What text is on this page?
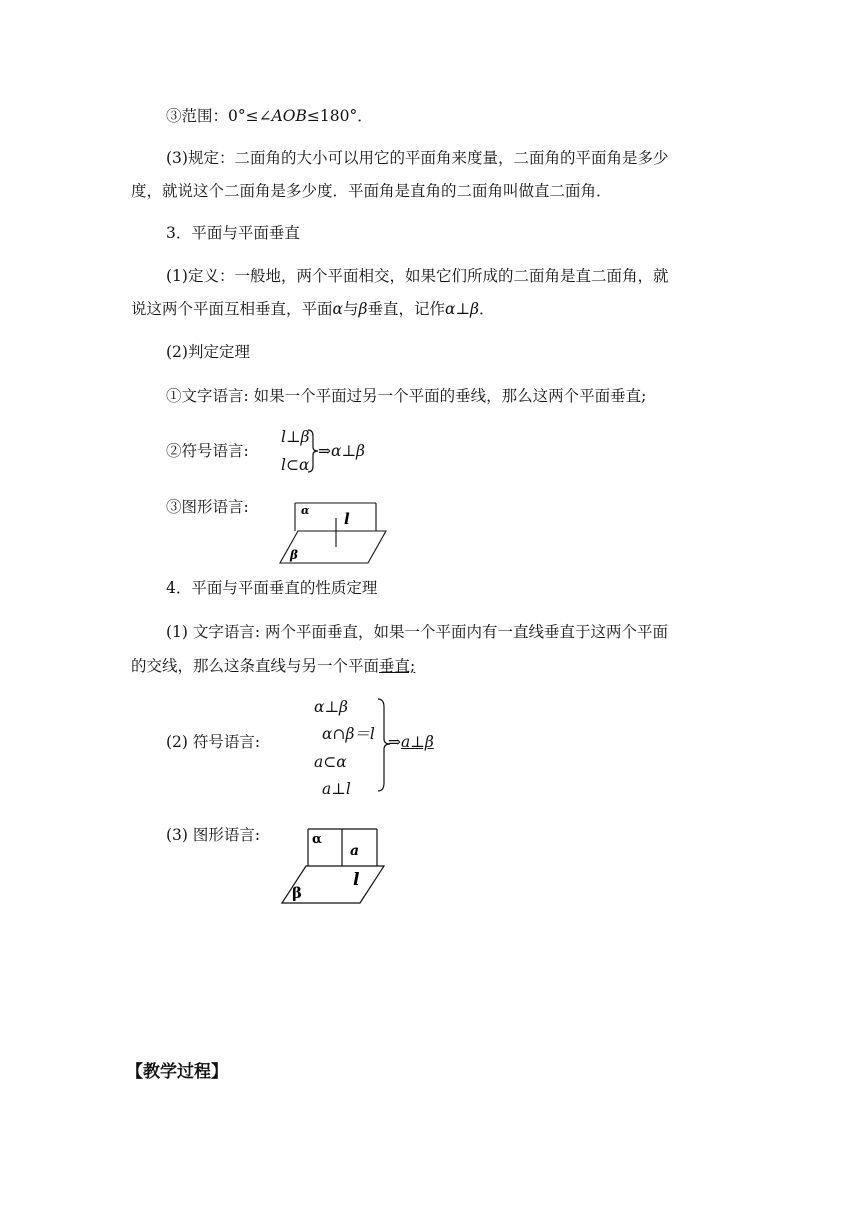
③范围：0°≤∠AOB≤180°．
(3)规定：二面角的大小可以用它的平面角来度量，二面角的平面角是多少
度，就说这个二面角是多少度．平面角是直角的二面角叫做直二面角．
3．平面与平面垂直
(1)定义：一般地，两个平面相交，如果它们所成的二面角是直二面角，就
说这两个平面互相垂直，平面α与β垂直，记作α⊥β．
(2)判定定理
①文字语言: 如果一个平面过另一个平面的垂线，那么这两个平面垂直;
②符号语言:
l⊥β
l⊂α
⇒α⊥β
③图形语言:	α l
β
4．平面与平面垂直的性质定理
(1) 文字语言: 两个平面垂直，如果一个平面内有一直线垂直于这两个平面
的交线，那么这条直线与另一个平面垂直;
(2) 符号语言:
α⊥β
α∩β＝l
a⊂α
a⊥l
⇒a⊥β
(3) 图形语言:	α
a
l
β
【教学过程】
